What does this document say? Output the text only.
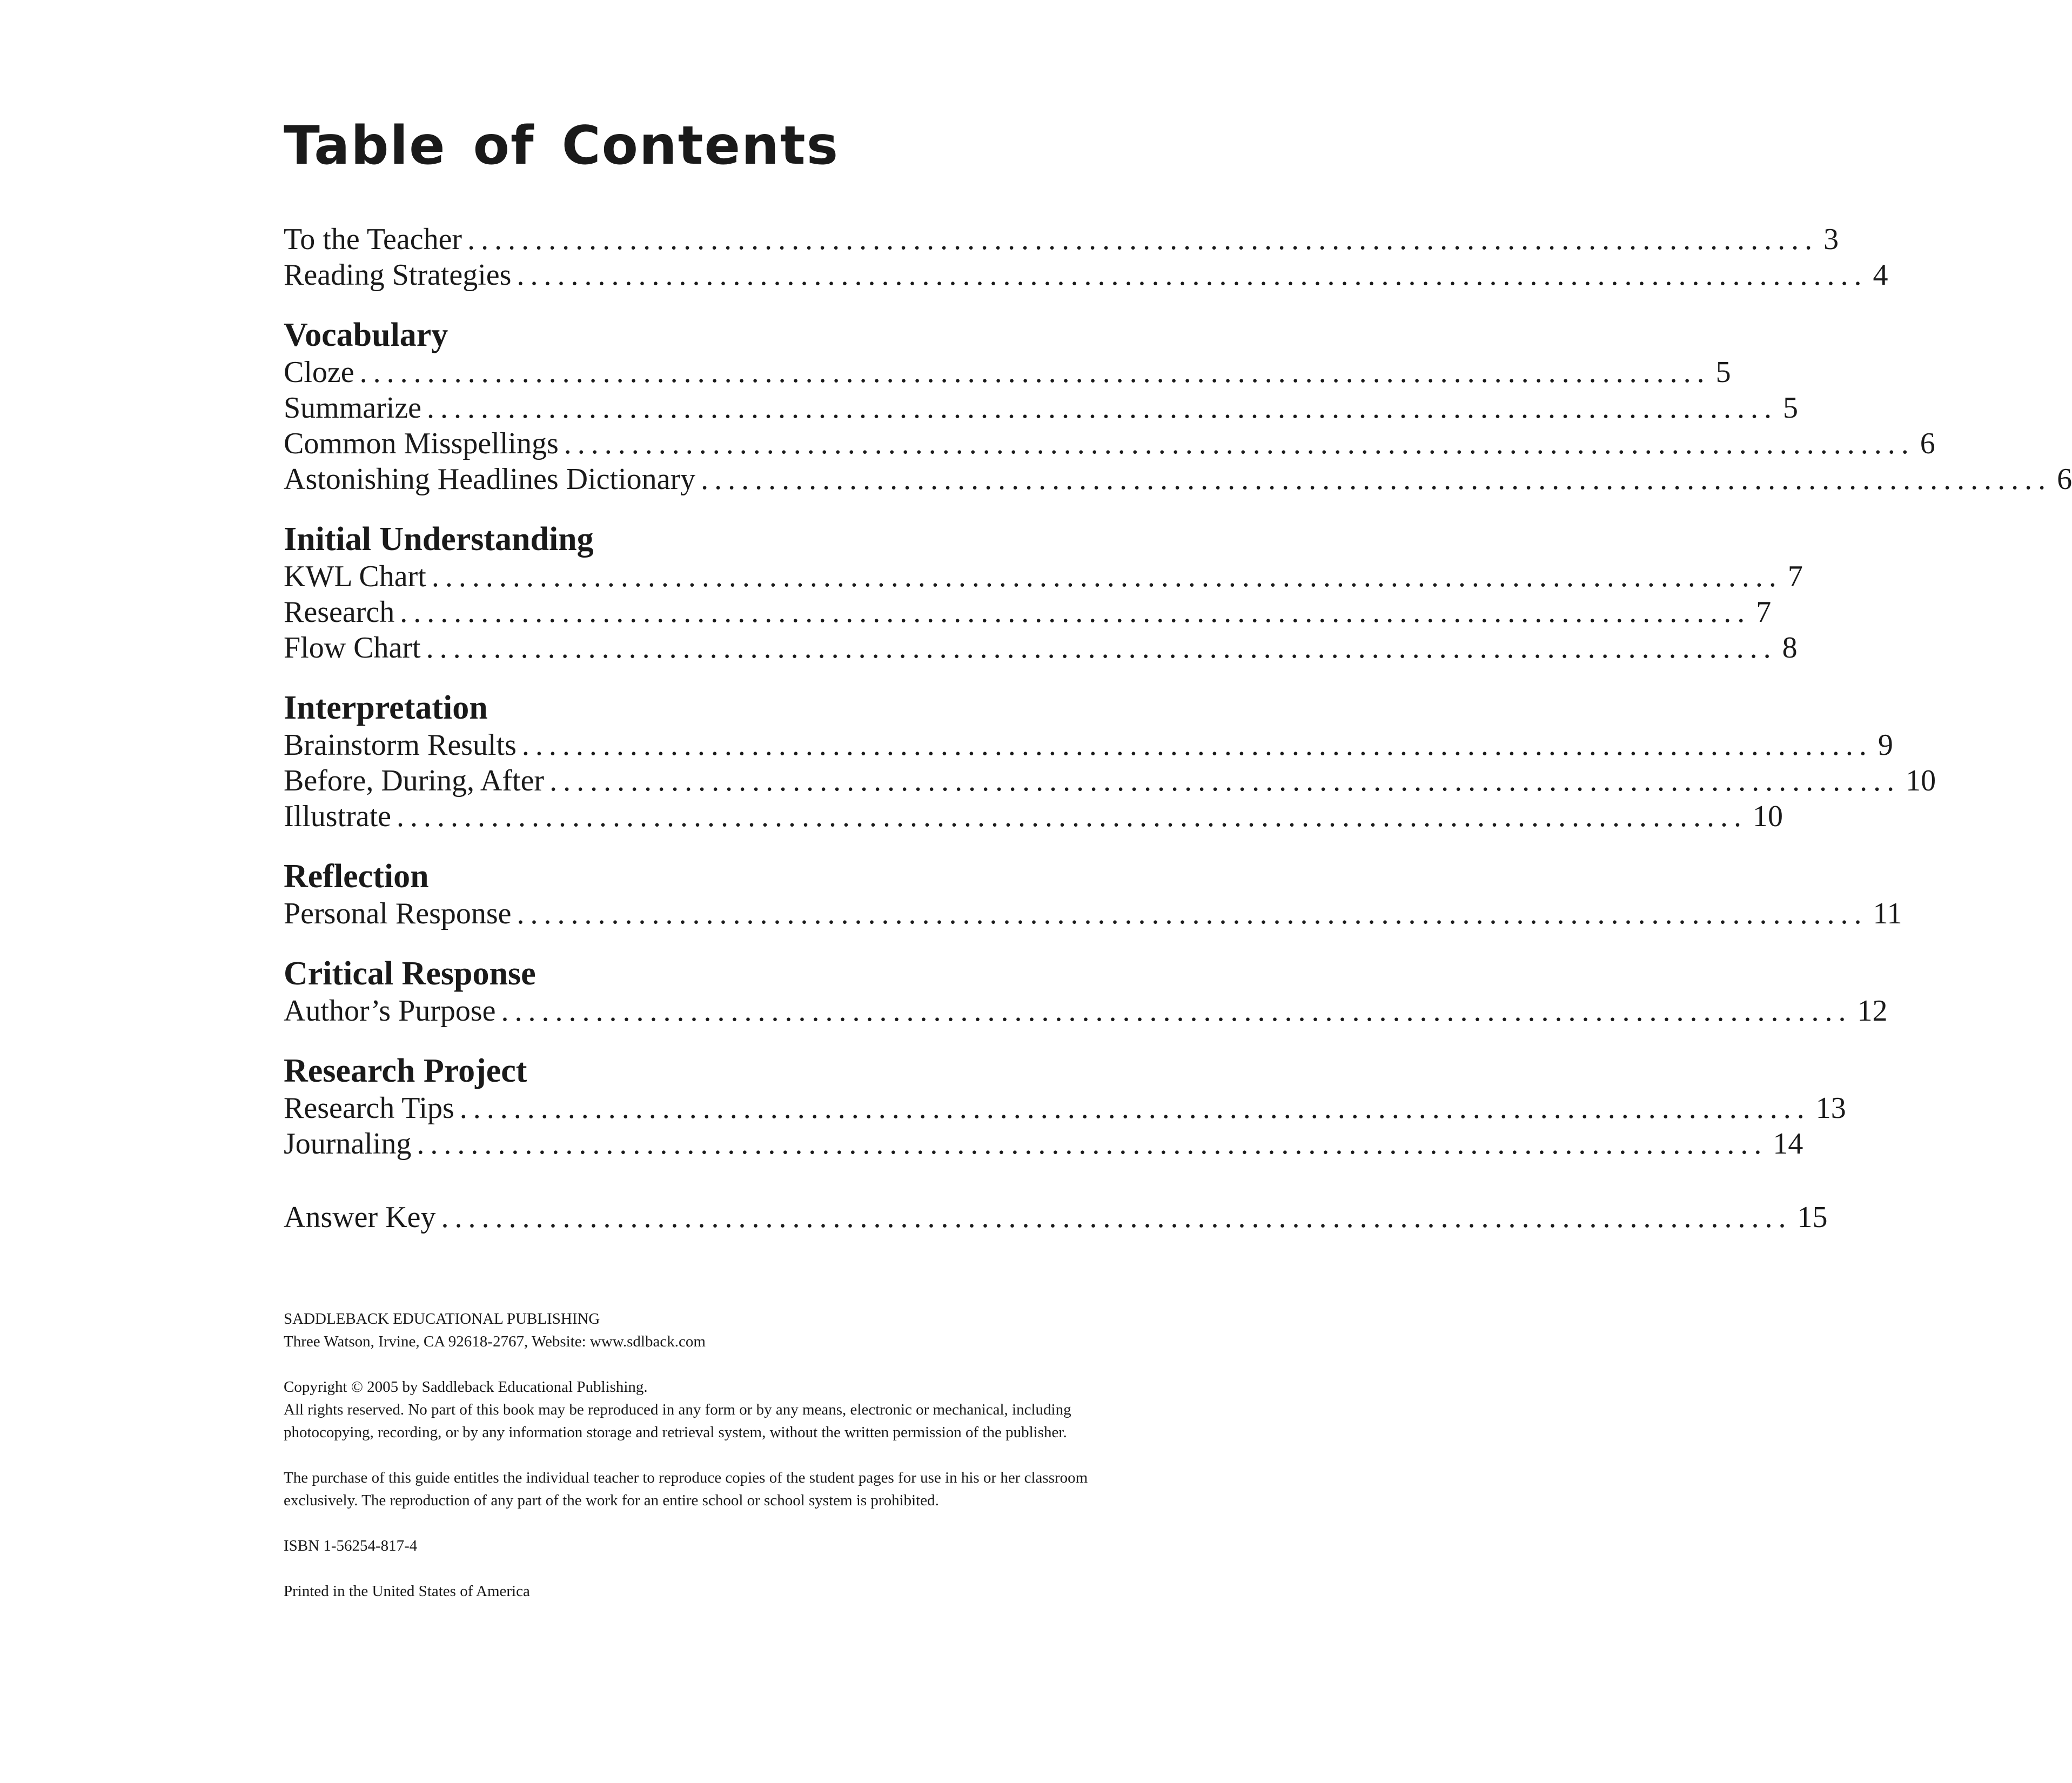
Table of Contents
To the Teacher .................................................................................................... 3
Reading Strategies .................................................................................................... 4
Vocabulary
Cloze .................................................................................................... 5
Summarize .................................................................................................... 5
Common Misspellings .................................................................................................... 6
Astonishing Headlines Dictionary .................................................................................................... 6
Initial Understanding
KWL Chart .................................................................................................... 7
Research .................................................................................................... 7
Flow Chart .................................................................................................... 8
Interpretation
Brainstorm Results .................................................................................................... 9
Before, During, After .................................................................................................... 10
Illustrate .................................................................................................... 10
Reflection
Personal Response .................................................................................................... 11
Critical Response
Author’s Purpose .................................................................................................... 12
Research Project
Research Tips .................................................................................................... 13
Journaling .................................................................................................... 14
Answer Key .................................................................................................... 15

SADDLEBACK EDUCATIONAL PUBLISHING

Three Watson, Irvine, CA 92618-2767, Website: www.sdlback.com

Copyright © 2005 by Saddleback Educational Publishing.

All rights reserved. No part of this book may be reproduced in any form or by any means, electronic or mechanical, including photocopying, recording, or by any information storage and retrieval system, without the written permission of the publisher.

The purchase of this guide entitles the individual teacher to reproduce copies of the student pages for use in his or her classroom exclusively. The reproduction of any part of the work for an entire school or school system is prohibited.

ISBN 1-56254-817-4

Printed in the United States of America
